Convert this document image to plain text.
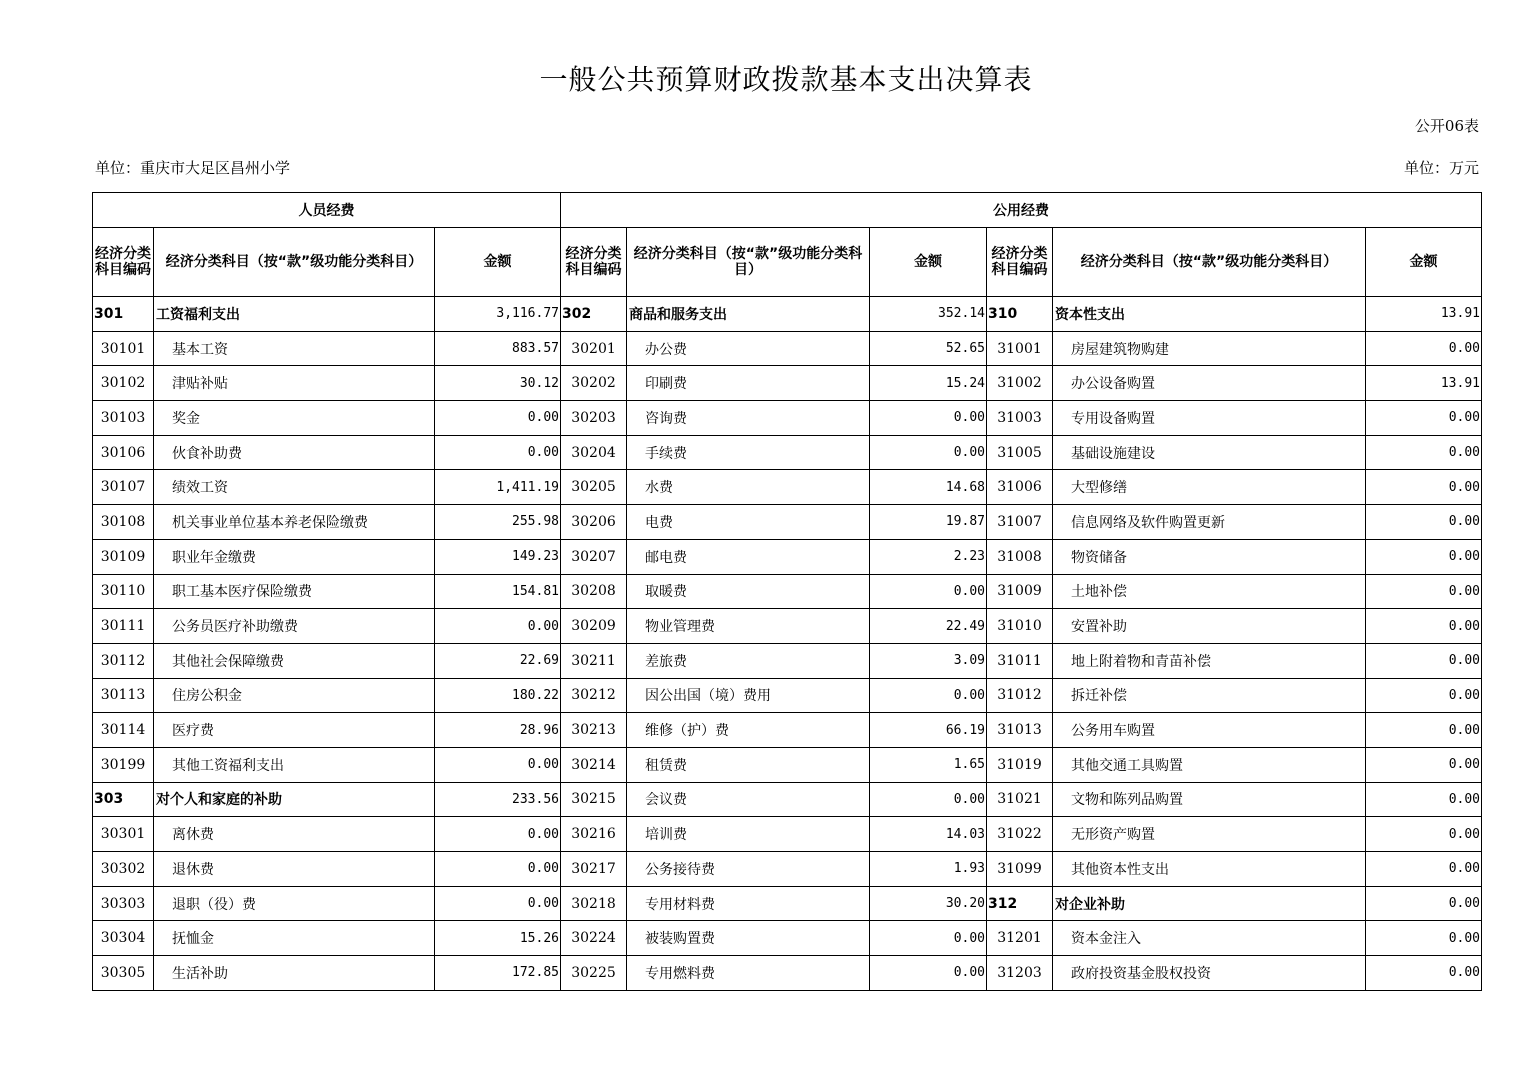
一般公共预算财政拨款基本支出决算表
公开06表
单位：重庆市大足区昌州小学	单位：万元
人员经费			公用经费					
经济分类科目编码	经济分类科目（按“款”级功能分类科目）	金额	经济分类科目编码	经济分类科目（按“款”级功能分类科目）	金额	经济分类科目编码	经济分类科目（按“款”级功能分类科目）	金额
301	工资福利支出	3,116.77	302	商品和服务支出	352.14	310	资本性支出	13.91
30101	基本工资	883.57	30201	办公费	52.65	31001	房屋建筑物购建	0.00
30102	津贴补贴	30.12	30202	印刷费	15.24	31002	办公设备购置	13.91
30103	奖金	0.00	30203	咨询费	0.00	31003	专用设备购置	0.00
30106	伙食补助费	0.00	30204	手续费	0.00	31005	基础设施建设	0.00
30107	绩效工资	1,411.19	30205	水费	14.68	31006	大型修缮	0.00
30108	机关事业单位基本养老保险缴费	255.98	30206	电费	19.87	31007	信息网络及软件购置更新	0.00
30109	职业年金缴费	149.23	30207	邮电费	2.23	31008	物资储备	0.00
30110	职工基本医疗保险缴费	154.81	30208	取暖费	0.00	31009	土地补偿	0.00
30111	公务员医疗补助缴费	0.00	30209	物业管理费	22.49	31010	安置补助	0.00
30112	其他社会保障缴费	22.69	30211	差旅费	3.09	31011	地上附着物和青苗补偿	0.00
30113	住房公积金	180.22	30212	因公出国（境）费用	0.00	31012	拆迁补偿	0.00
30114	医疗费	28.96	30213	维修（护）费	66.19	31013	公务用车购置	0.00
30199	其他工资福利支出	0.00	30214	租赁费	1.65	31019	其他交通工具购置	0.00
303	对个人和家庭的补助	233.56	30215	会议费	0.00	31021	文物和陈列品购置	0.00
30301	离休费	0.00	30216	培训费	14.03	31022	无形资产购置	0.00
30302	退休费	0.00	30217	公务接待费	1.93	31099	其他资本性支出	0.00
30303	退职（役）费	0.00	30218	专用材料费	30.20	312	对企业补助	0.00
30304	抚恤金	15.26	30224	被装购置费	0.00	31201	资本金注入	0.00
30305	生活补助	172.85	30225	专用燃料费	0.00	31203	政府投资基金股权投资	0.00
